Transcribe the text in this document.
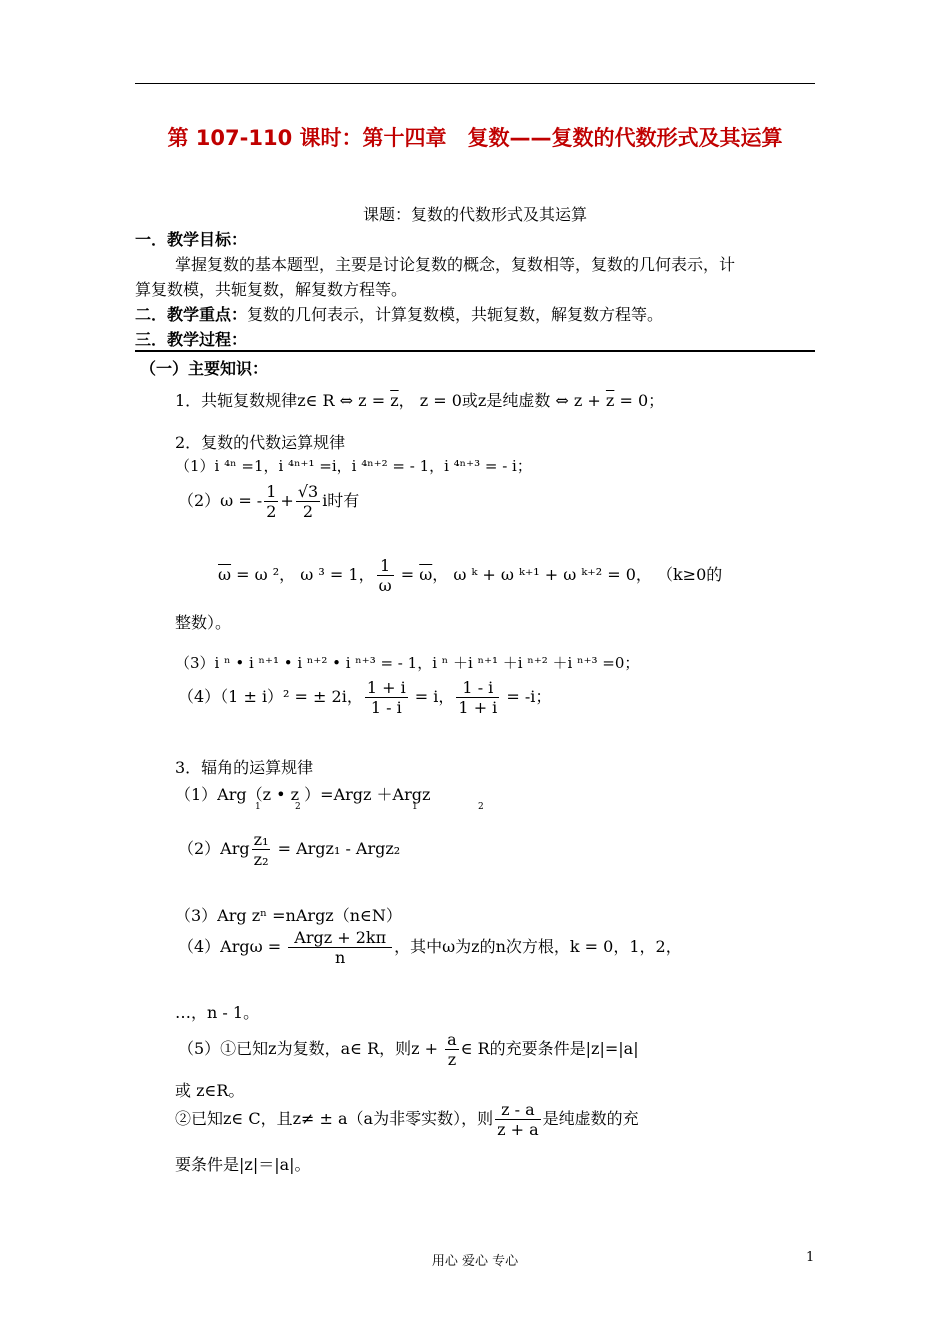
第 107-110 课时：第十四章　复数——复数的代数形式及其运算
课题：复数的代数形式及其运算
一．教学目标：
掌握复数的基本题型，主要是讨论复数的概念，复数相等，复数的几何表示，计
算复数模，共轭复数，解复数方程等。
二．教学重点：复数的几何表示，计算复数模，共轭复数，解复数方程等。
三．教学过程：
（一）主要知识：
1．共轭复数规律z∈ R ⇔ $z = \overline{z}$， z = 0或z是纯虚数 ⇔ $z + \overline{z} = 0$；
2．复数的代数运算规律
（1）i ⁴ⁿ =1，i ⁴ⁿ⁺¹ =i，i ⁴ⁿ⁺² = - 1，i ⁴ⁿ⁺³ = - i；
（2）ω = - $\frac{1}{2} + \frac{√3}{2}$ i时有
$\overline{\omega} = \omega$ ²， ω ³ = 1， $\frac{1}{\omega} = \overline{\omega}$， ω ᵏ + ω ᵏ⁺¹ + ω ᵏ⁺² = 0， （k≥0的
整数）。
（3）i ⁿ • i ⁿ⁺¹ • i ⁿ⁺² • i ⁿ⁺³ = - 1，i ⁿ ＋i ⁿ⁺¹ ＋i ⁿ⁺² ＋i ⁿ⁺³ =0；
（4）（1 ± i）² = ± 2i， $\frac{1 + i}{1 - i} = i$， $\frac{1 - i}{1 + i} = -i$；
3．辐角的运算规律
（1）Arg（z • z ）=Argz ＋Argz
1	2	1	2
$(2)Arg \frac{\text{z₁}}{\text{z₂}}$ = Argz₁ - Argz₂
（3）Arg zⁿ =nArgz（n∈N）
$(4)Arg\omega = \frac{\text{Argz + 2kπ}}{n}$ ，其中ω为z的n次方根，k = 0，1，2，
…，n - 1。
（5）①已知z为复数，a∈ R，则$z + \frac{a}{z}$ ∈ R的充要条件是|z|=|a|
或 z∈R。
②已知z∈ C，且z≠ ± a（a为非零实数），则 $\frac{z - a}{z + a}$ 是纯虚数的充
要条件是|z|＝|a|。
用心 爱心 专心	1
